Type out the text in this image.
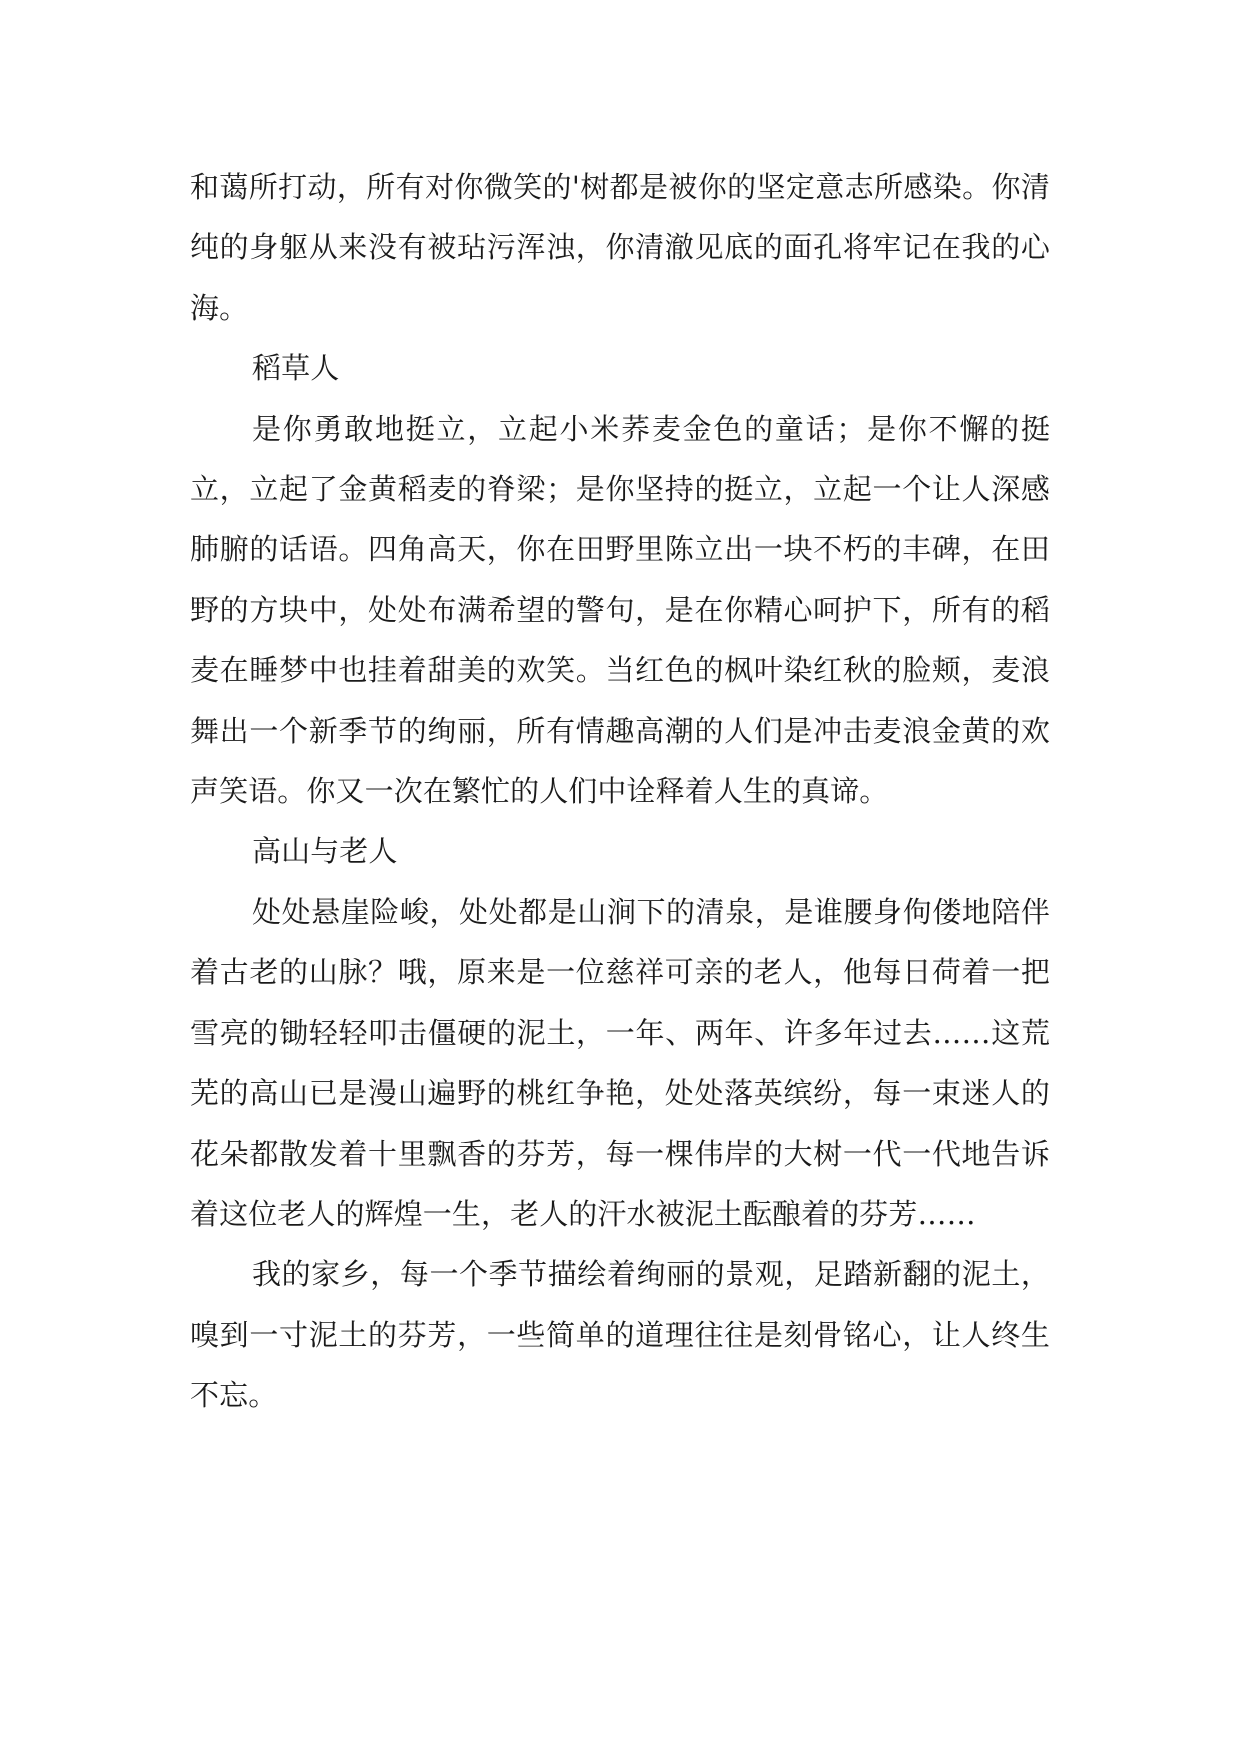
和蔼所打动，所有对你微笑的'树都是被你的坚定意志所感染。你清纯的身躯从来没有被玷污浑浊，你清澈见底的面孔将牢记在我的心海。

稻草人

是你勇敢地挺立，立起小米荞麦金色的童话；是你不懈的挺立，立起了金黄稻麦的脊梁；是你坚持的挺立，立起一个让人深感肺腑的话语。四角高天，你在田野里陈立出一块不朽的丰碑，在田野的方块中，处处布满希望的警句，是在你精心呵护下，所有的稻麦在睡梦中也挂着甜美的欢笑。当红色的枫叶染红秋的脸颊，麦浪舞出一个新季节的绚丽，所有情趣高潮的人们是冲击麦浪金黄的欢声笑语。你又一次在繁忙的人们中诠释着人生的真谛。

高山与老人

处处悬崖险峻，处处都是山涧下的清泉，是谁腰身佝偻地陪伴着古老的山脉？哦，原来是一位慈祥可亲的老人，他每日荷着一把雪亮的锄轻轻叩击僵硬的泥土，一年、两年、许多年过去……这荒芜的高山已是漫山遍野的桃红争艳，处处落英缤纷，每一束迷人的花朵都散发着十里飘香的芬芳，每一棵伟岸的大树一代一代地告诉着这位老人的辉煌一生，老人的汗水被泥土酝酿着的芬芳……

我的家乡，每一个季节描绘着绚丽的景观，足踏新翻的泥土，嗅到一寸泥土的芬芳，一些简单的道理往往是刻骨铭心，让人终生不忘。
